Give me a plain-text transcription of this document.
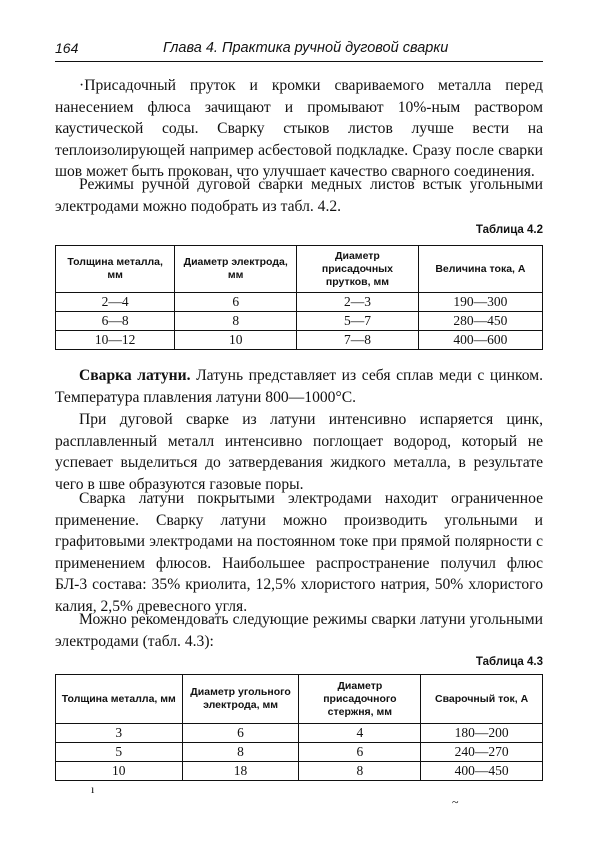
164	Глава 4. Практика ручной дуговой сварки

·Присадочный пруток и кромки свариваемого металла перед нанесением флюса зачищают и промывают 10%-ным раствором каустической соды. Сварку стыков листов лучше вести на теплоизолирующей например асбестовой подкладке. Сразу после сварки шов может быть прокован, что улучшает качество сварного соединения.

Режимы ручной дуговой сварки медных листов встык угольными электродами можно подобрать из табл. 4.2.

Таблица 4.2
Толщина металла, мм	Диаметр электрода, мм	Диаметр присадочных прутков, мм	Величина тока, А
2—4	6	2—3	190—300
6—8	8	5—7	280—450
10—12	10	7—8	400—600

Сварка латуни. Латунь представляет из себя сплав меди с цинком. Температура плавления латуни 800—1000°С.

При дуговой сварке из латуни интенсивно испаряется цинк, расплавленный металл интенсивно поглощает водород, который не успевает выделиться до затвердевания жидкого металла, в результате чего в шве образуются газовые поры.

Сварка латуни покрытыми электродами находит ограниченное применение. Сварку латуни можно производить угольными и графитовыми электродами на постоянном токе при прямой полярности с применением флюсов. Наибольшее распространение получил флюс БЛ-3 состава: 35% криолита, 12,5% хлористого натрия, 50% хлористого калия, 2,5% древесного угля.

Можно рекомендовать следующие режимы сварки латуни угольными электродами (табл. 4.3):

Таблица 4.3
Толщина металла, мм	Диаметр угольного электрода, мм	Диаметр присадочного стержня, мм	Сварочный ток, А
3	6	4	180—200
5	8	6	240—270
10	18	8	400—450
ı
~
